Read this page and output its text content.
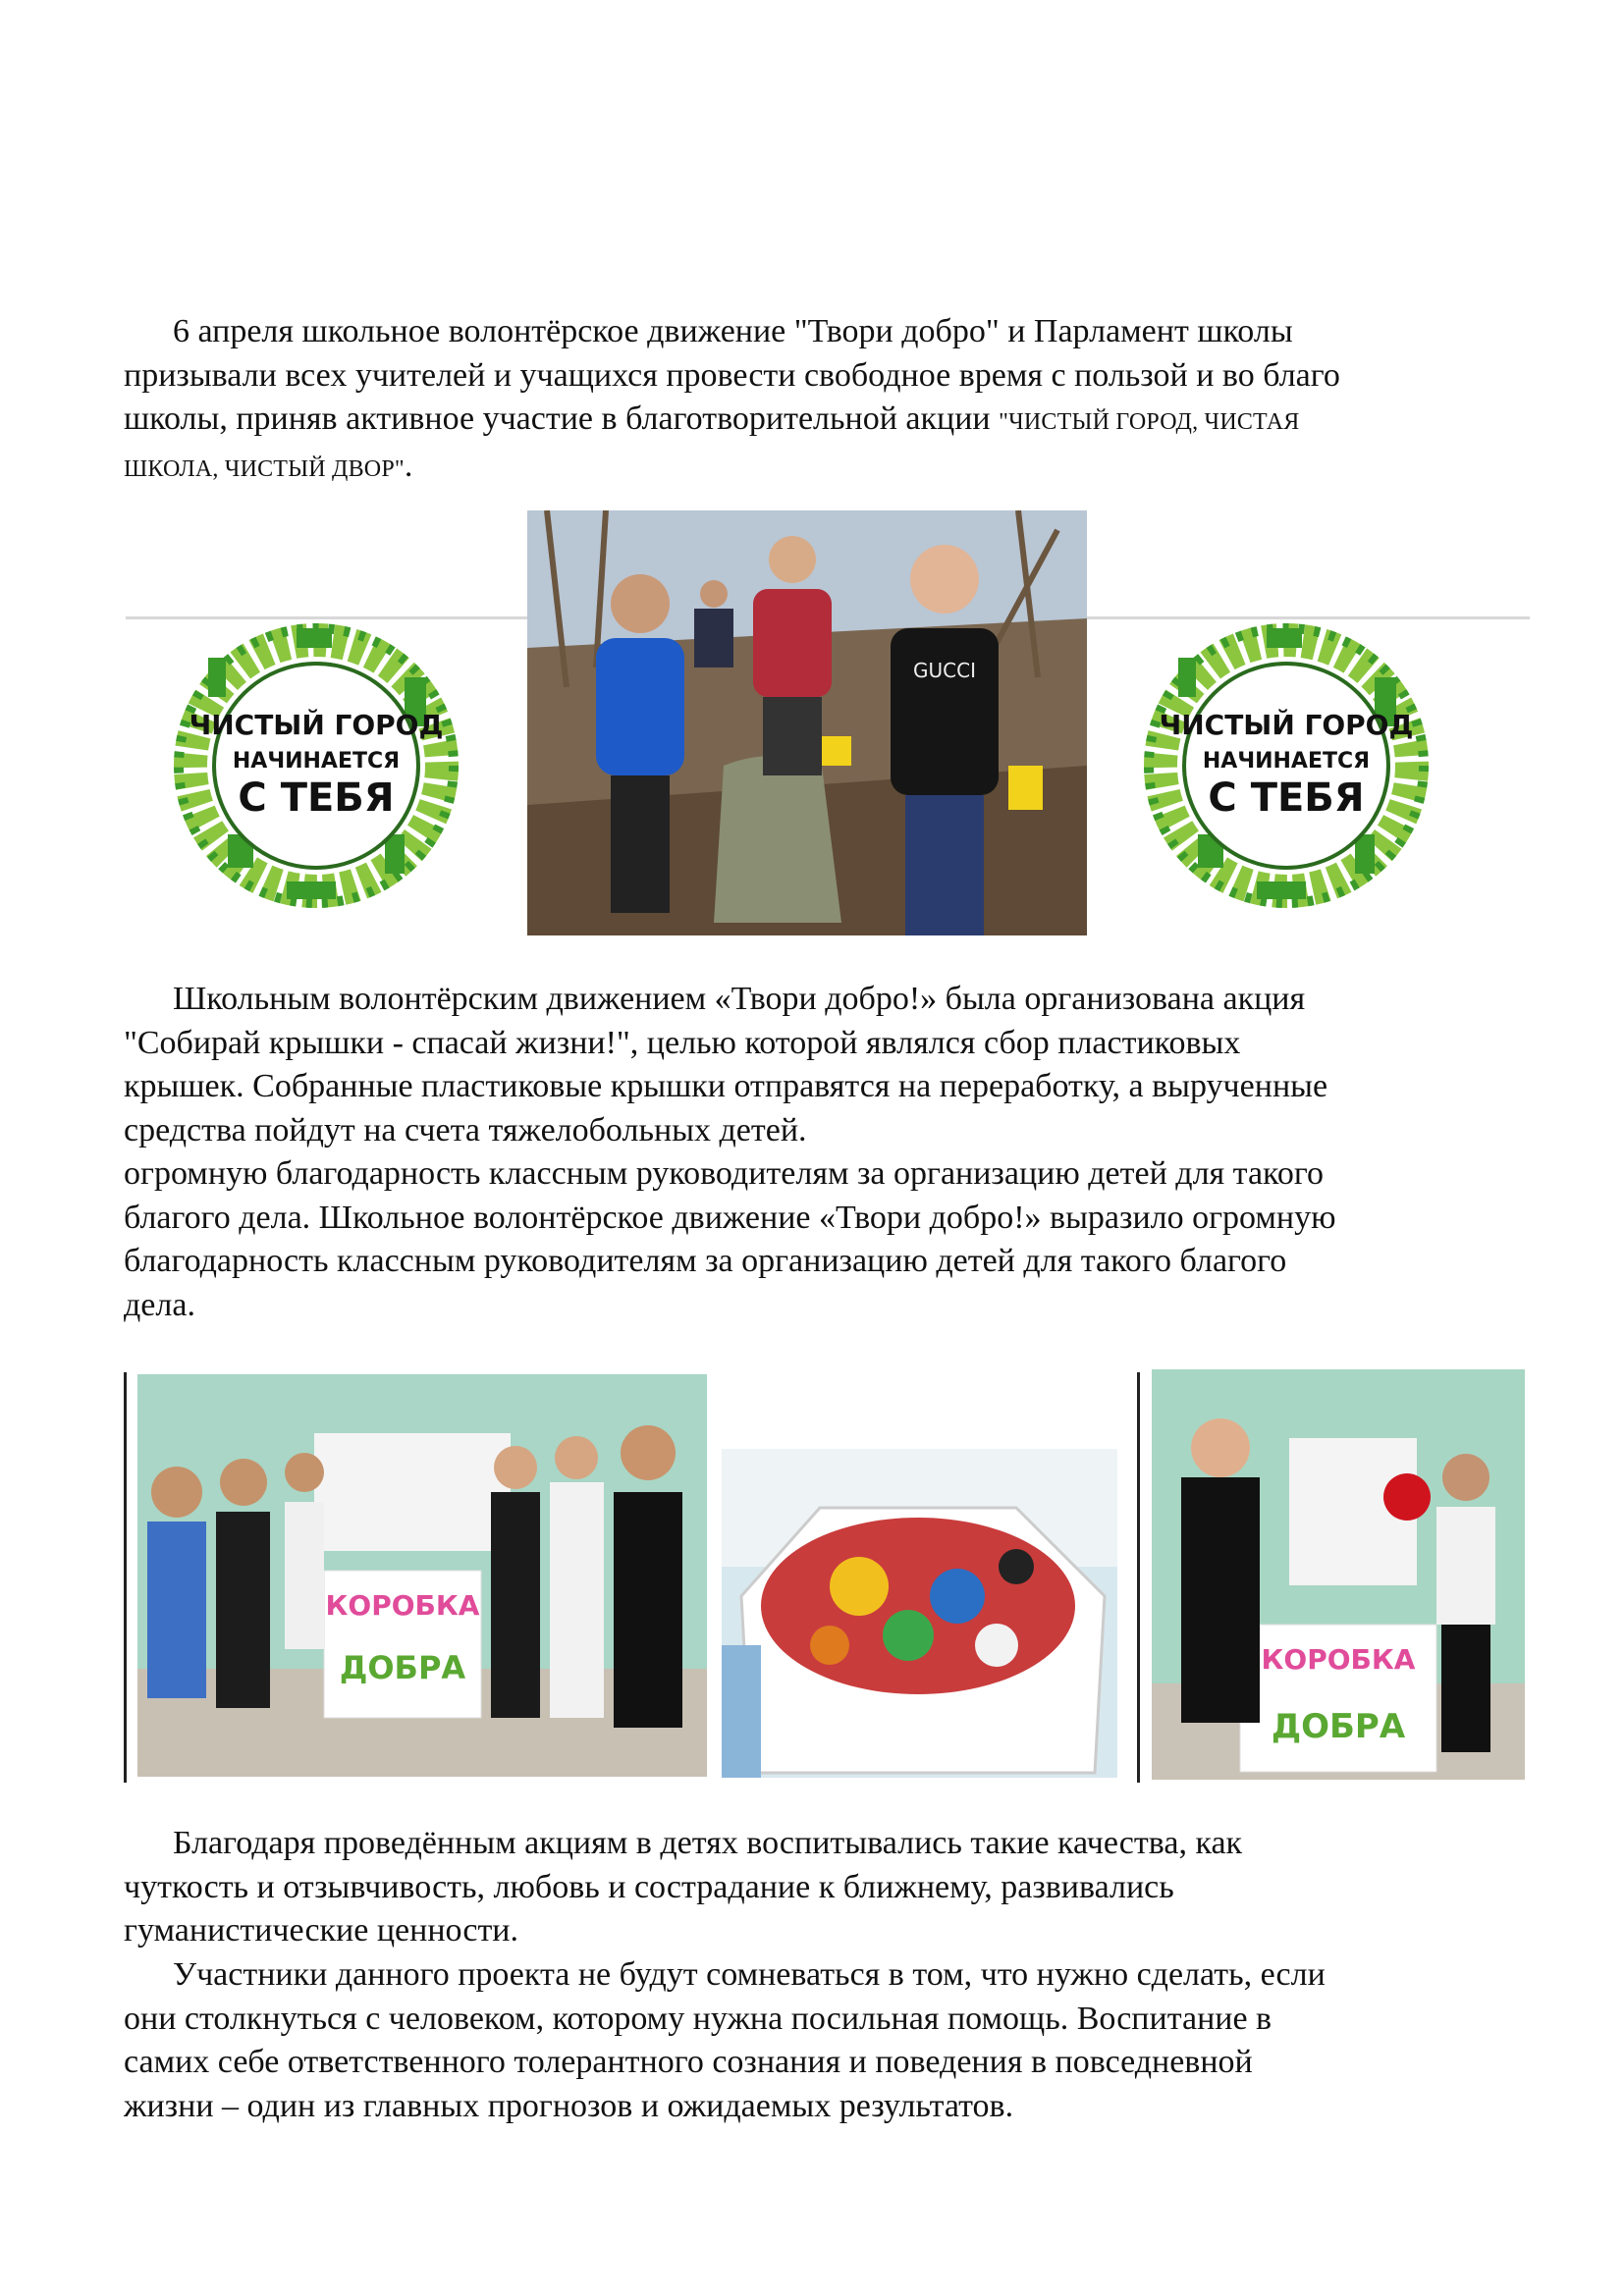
6 апреля школьное волонтёрское движение "Твори добро" и Парламент школы
призывали всех учителей и учащихся провести свободное время с пользой и во благо
школы, приняв активное участие в благотворительной акции "ЧИСТЫЙ ГОРОД, ЧИСТАЯ
ШКОЛА, ЧИСТЫЙ ДВОР".
ЧИСТЫЙ ГОРОД
НАЧИНАЕТСЯ
С ТЕБЯ
ЧИСТЫЙ ГОРОД
НАЧИНАЕТСЯ
С ТЕБЯ
GUCCI
Школьным волонтёрским движением «Твори добро!» была организована акция
"Собирай крышки - спасай жизни!", целью которой являлся сбор пластиковых
крышек. Собранные пластиковые крышки отправятся на переработку, а вырученные
средства пойдут на счета тяжелобольных детей.
огромную благодарность классным руководителям за организацию детей для такого
благого дела. Школьное волонтёрское движение «Твори добро!» выразило огромную
благодарность классным руководителям за организацию детей для такого благого
дела.
КОРОБКА
ДОБРА	КОРОБКА
ДОБРА
Благодаря проведённым акциям в детях воспитывались такие качества, как
чуткость и отзывчивость, любовь и сострадание к ближнему, развивались
гуманистические ценности.
Участники данного проекта не будут сомневаться в том, что нужно сделать, если
они столкнуться с человеком, которому нужна посильная помощь. Воспитание в
самих себе ответственного толерантного сознания и поведения в повседневной
жизни – один из главных прогнозов и ожидаемых результатов.
